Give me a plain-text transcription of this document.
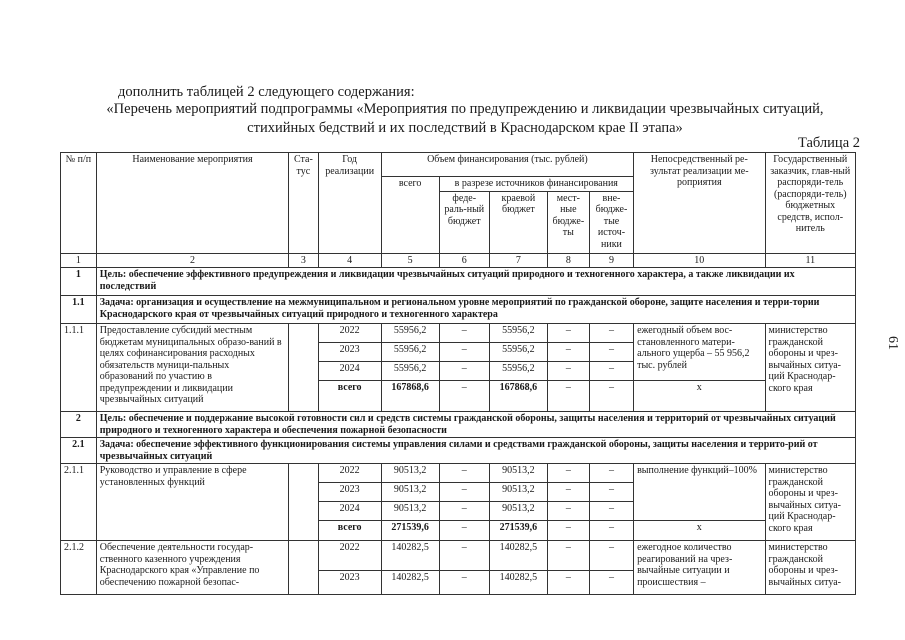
дополнить таблицей 2 следующего содержания:
«Перечень мероприятий подпрограммы «Мероприятия по предупреждению и ликвидации чрезвычайных ситуаций,
стихийных бедствий и их последствий в Краснодарском крае II этапа»
Таблица 2
61
№ п/п	Наименование мероприятия	Ста-тус	Год реализации	Объем финансирования (тыс. рублей)					Непосредственный ре-зультат реализации ме-роприятия	Государственный заказчик, глав-ный распоряди-тель (распоряди-тель) бюджетных средств, испол-нитель
				всего	в разрезе источников финансирования					
					феде-раль-ный бюджет	краевой бюджет	мест-ные бюдже-ты	вне-бюдже-тые источ-ники		
1	2	3	4	5	6	7	8	9	10	11
1	Цель: обеспечение эффективного предупреждения и ликвидации чрезвычайных ситуаций природного и техногенного характера, а также ликвидации их последствий									
1.1	Задача: организация и осуществление на межмуниципальном и региональном уровне мероприятий по гражданской обороне, защите населения и терри-тории Краснодарского края от чрезвычайных ситуаций природного и техногенного характера									
1.1.1	Предоставление субсидий местным бюджетам муниципальных образо-ваний в целях софинансирования расходных обязательств муници-пальных образований по участию в предупреждении и ликвидации чрезвычайных ситуаций		2022	55956,2	–	55956,2	–	–	ежегодный объем вос-становленного матери-ального ущерба – 55 956,2 тыс. рублей	министерство гражданской обороны и чрез-вычайных ситуа-ций Краснодар-ского края
			2023	55956,2	–	55956,2	–	–		
			2024	55956,2	–	55956,2	–	–		
			всего	167868,6	–	167868,6	–	–	х	
2	Цель: обеспечение и поддержание высокой готовности сил и средств системы гражданской обороны, защиты населения и территорий от чрезвычайных ситуаций природного и техногенного характера и обеспечения пожарной безопасности									
2.1	Задача: обеспечение эффективного функционирования системы управления силами и средствами гражданской обороны, защиты населения и террито-рий от чрезвычайных ситуаций									
2.1.1	Руководство и управление в сфере установленных функций		2022	90513,2	–	90513,2	–	–	выполнение функций–100%	министерство гражданской обороны и чрез-вычайных ситуа-ций Краснодар-ского края
			2023	90513,2	–	90513,2	–	–		
			2024	90513,2	–	90513,2	–	–		
			всего	271539,6	–	271539,6	–	–	х	
2.1.2	Обеспечение деятельности государ-ственного казенного учреждения Краснодарского края «Управление по обеспечению пожарной безопас-		2022	140282,5	–	140282,5	–	–	ежегодное количество реагирований на чрез-вычайные ситуации и происшествия –	министерство гражданской обороны и чрез-вычайных ситуа-
			2023	140282,5	–	140282,5	–	–		
